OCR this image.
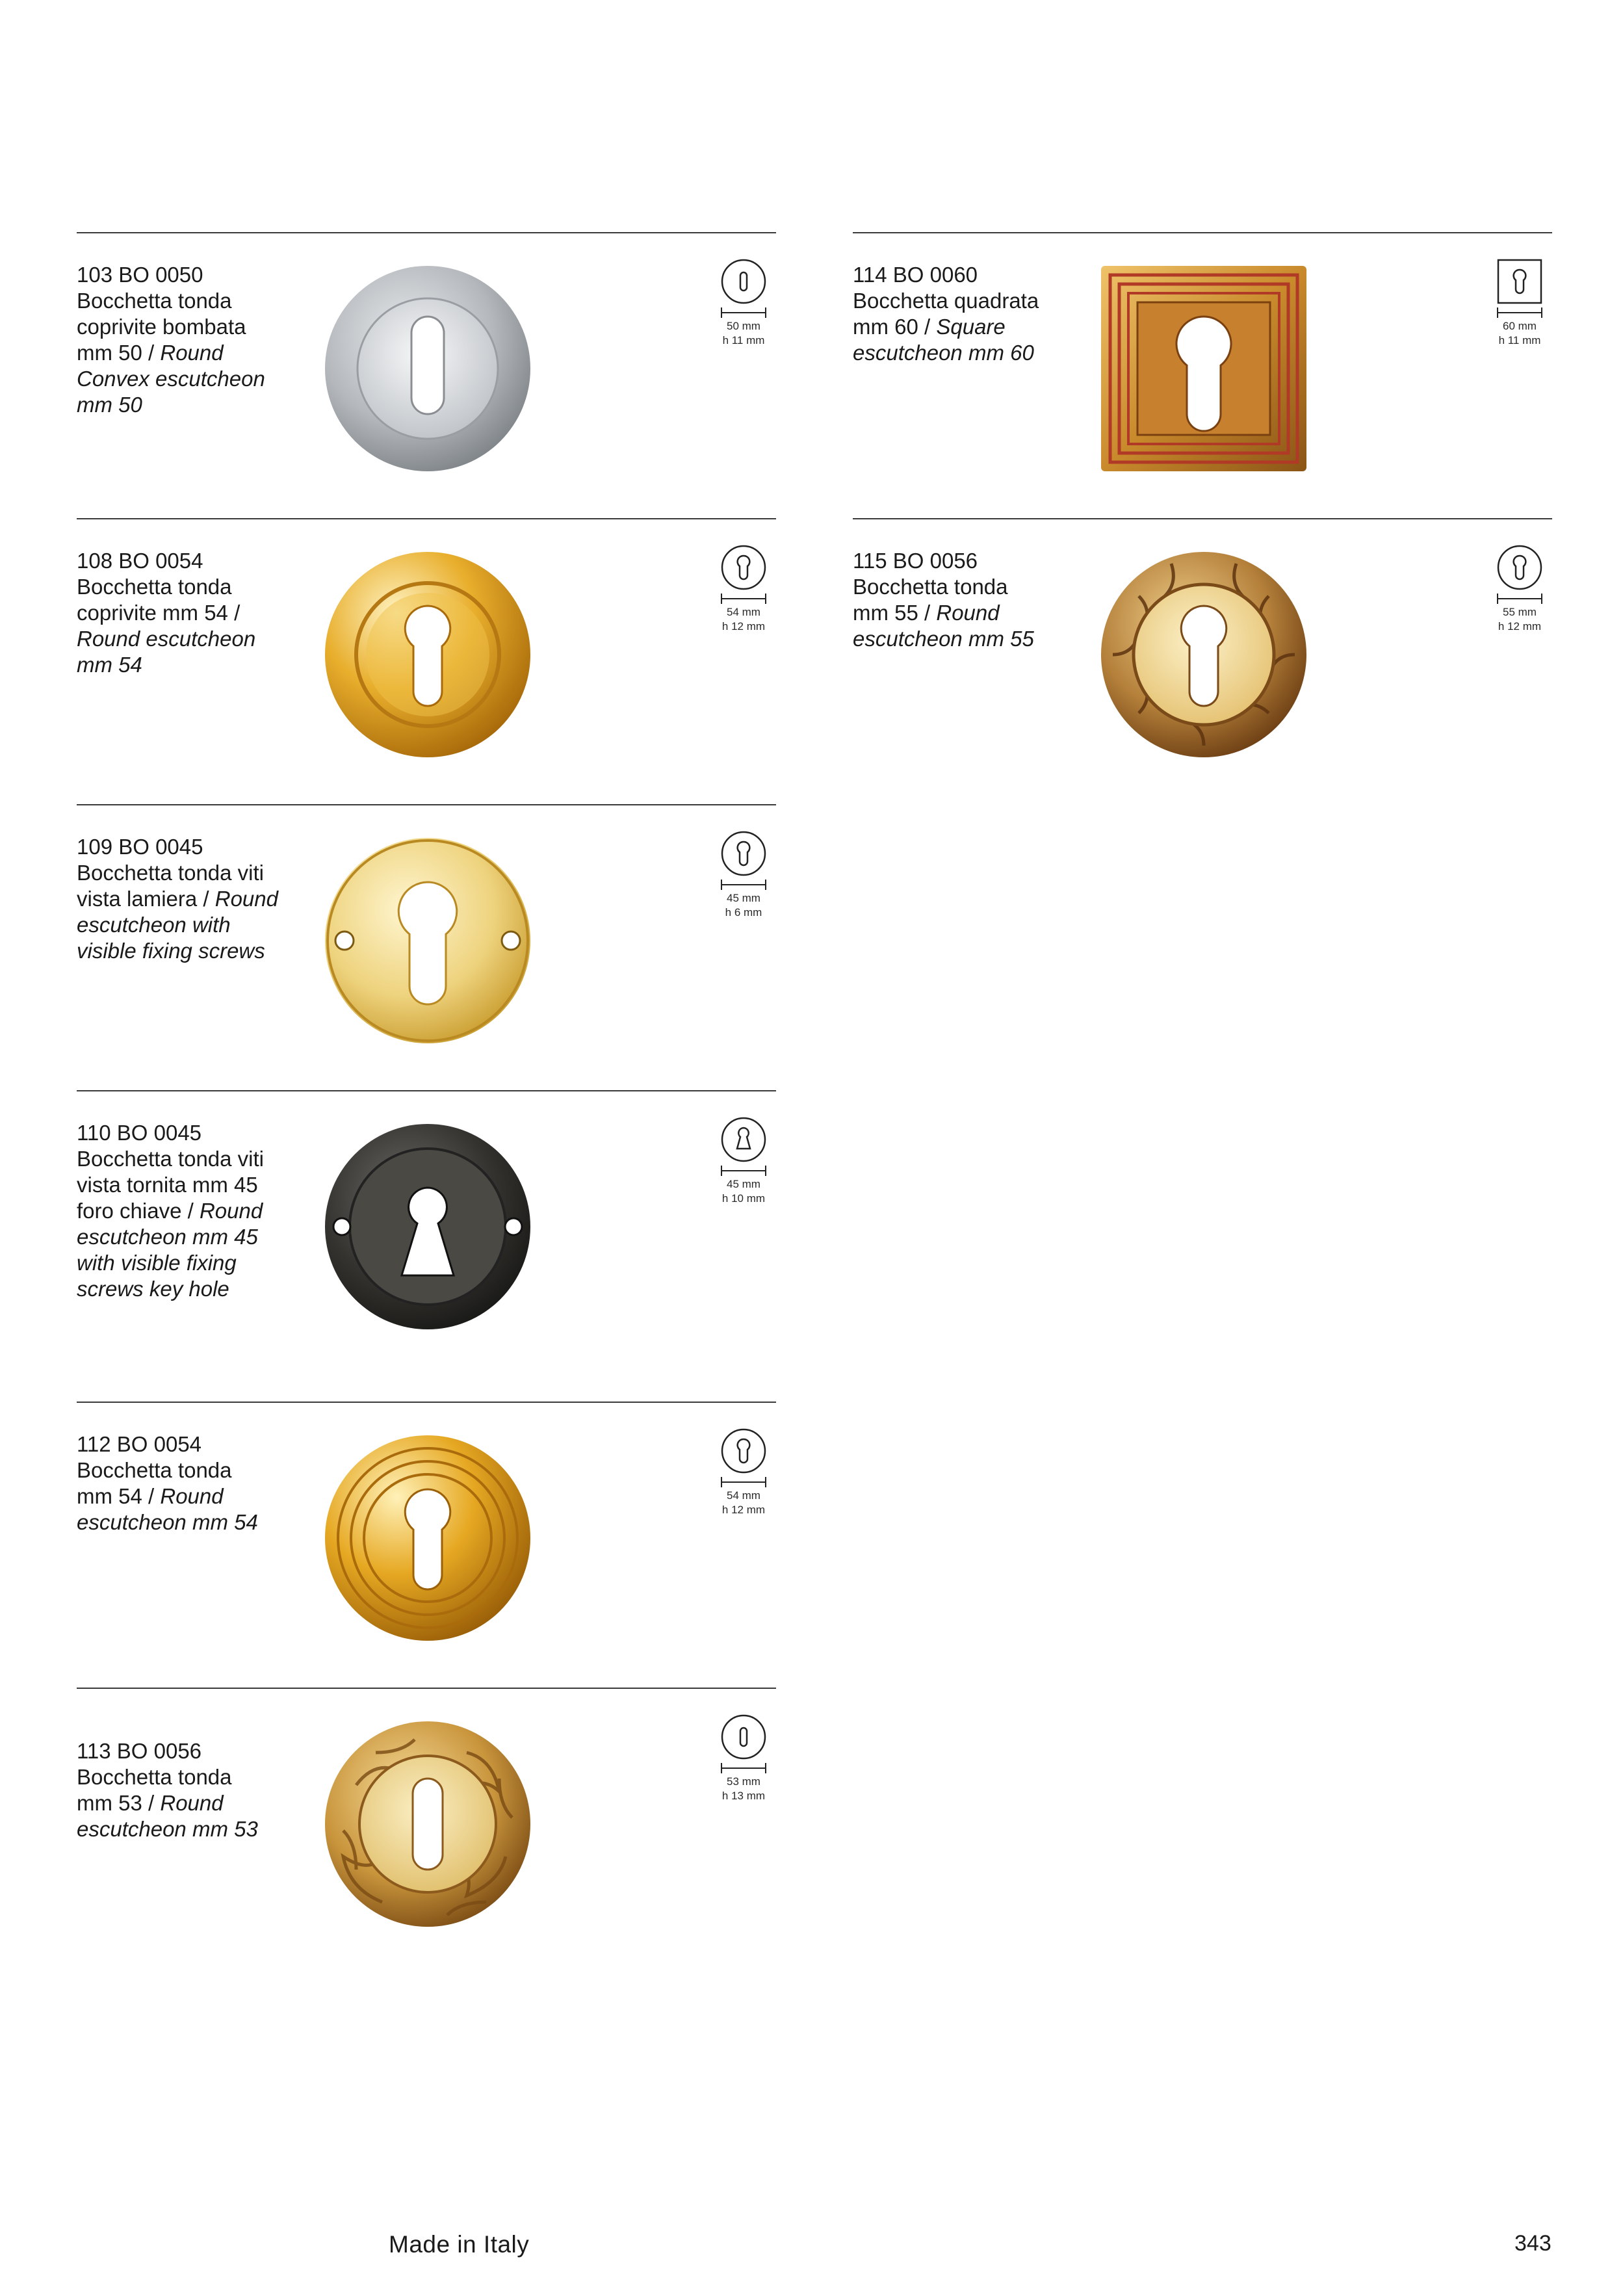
103 BO 0050
Bocchetta tonda
coprivite bombata
mm 50 / Round
Convex escutcheon
mm 50
50 mm
h 11 mm
108 BO 0054
Bocchetta tonda
coprivite mm 54 /
Round escutcheon
mm 54
54 mm
h 12 mm
109 BO 0045
Bocchetta tonda viti
vista lamiera / Round
escutcheon with
visible fixing screws
45 mm
h 6 mm
110 BO 0045
Bocchetta tonda viti
vista tornita mm 45
foro chiave / Round
escutcheon mm 45
with visible fixing
screws key hole
45 mm
h 10 mm
112 BO 0054
Bocchetta tonda
mm 54 / Round
escutcheon mm 54
54 mm
h 12 mm
113 BO 0056
Bocchetta tonda
mm 53 / Round
escutcheon mm 53
53 mm
h 13 mm
114 BO 0060
Bocchetta quadrata
mm 60 / Square
escutcheon mm 60
60 mm
h 11 mm
115 BO 0056
Bocchetta tonda
mm 55 / Round
escutcheon mm 55
55 mm
h 12 mm
Made in Italy	343
